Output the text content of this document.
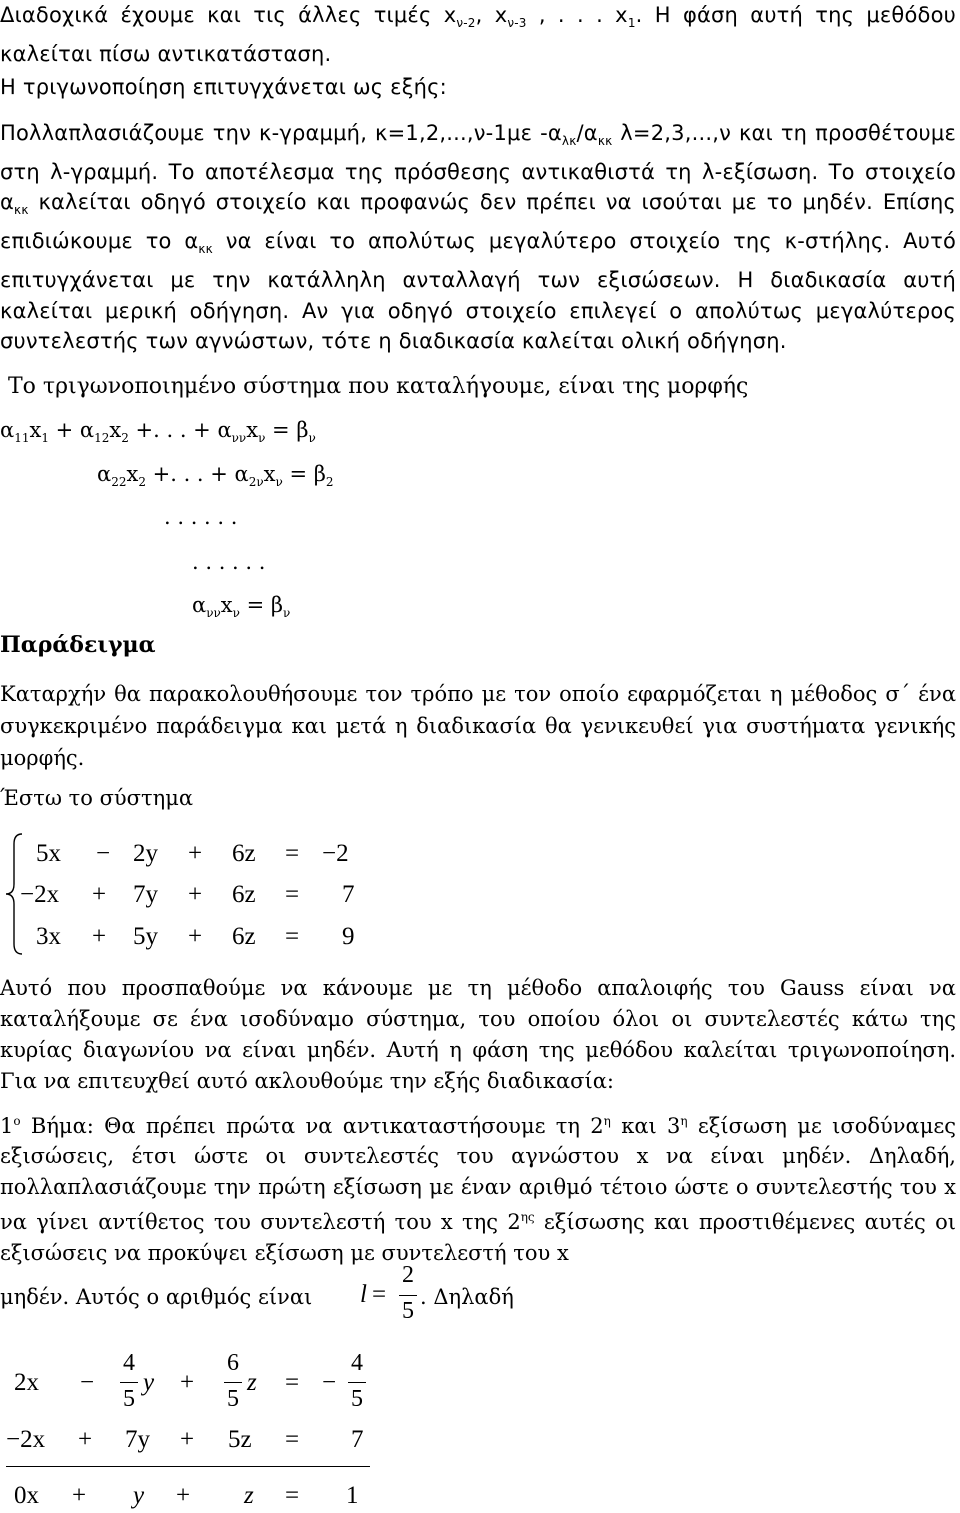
Διαδοχικά έχουμε και τις άλλες τιμές $x_{\nu-2}$, $x_{\nu-3}$ , . . . $x_1$. Η φάση αυτή της μεθόδου καλείται πίσω αντικατάσταση.

Η τριγωνοποίηση επιτυγχάνεται ως εξής:

Πολλαπλασιάζουμε την κ-γραμμή, κ=1,2,...,ν-1με $-\alpha_{\lambda\kappa}/\alpha_{\kappa\kappa}$ λ=2,3,...,ν και τη προσθέτουμε στη λ-γραμμή. Το αποτέλεσμα της πρόσθεσης αντικαθιστά τη λ-εξίσωση. Το στοιχείο $\alpha_{\kappa\kappa}$ καλείται οδηγό στοιχείο και προφανώς δεν πρέπει να ισούται με το μηδέν. Επίσης επιδιώκουμε το $\alpha_{\kappa\kappa}$ να είναι το απολύτως μεγαλύτερο στοιχείο της κ-στήλης. Αυτό επιτυγχάνεται με την κατάλληλη ανταλλαγή των εξισώσεων. Η διαδικασία αυτή καλείται μερική οδήγηση. Αν για οδηγό στοιχείο επιλεγεί ο απολύτως μεγαλύτερος συντελεστής των αγνώστων, τότε η διαδικασία καλείται ολική οδήγηση.

Το τριγωνοποιημένο σύστημα που καταλήγουμε, είναι της μορφής

$\alpha_{11}x_1 + \alpha_{12}x_2$ +. . . + $\alpha_{\nu\nu}x_\nu = \beta_\nu$
$\alpha_{22}x_2$ +. . . + $\alpha_{2\nu}x_\nu = \beta_2$
. . . . . .
. . . . . .
$\alpha_{\nu\nu}x_\nu = \beta_\nu$
Παράδειγμα

Καταρχήν θα παρακολουθήσουμε τον τρόπο με τον οποίο εφαρμόζεται η μέθοδος σ΄ ένα συγκεκριμένο παράδειγμα και μετά η διαδικασία θα γενικευθεί για συστήματα γενικής μορφής.

Έστω το σύστημα

5x − 2y + 6z = −2
−2x + 7y + 6z = 7
3x + 5y + 6z = 9

Αυτό που προσπαθούμε να κάνουμε με τη μέθοδο απαλοιφής του Gauss είναι να καταλήξουμε σε ένα ισοδύναμο σύστημα, του οποίου όλοι οι συντελεστές κάτω της κυρίας διαγωνίου να είναι μηδέν. Αυτή η φάση της μεθόδου καλείται τριγωνοποίηση. Για να επιτευχθεί αυτό ακλουθούμε την εξής διαδικασία:

$1^o$ Βήμα: Θα πρέπει πρώτα να αντικαταστήσουμε τη $2^\eta$ και $3^\eta$ εξίσωση με ισοδύναμες εξισώσεις, έτσι ώστε οι συντελεστές του αγνώστου x να είναι μηδέν. Δηλαδή, πολλαπλασιάζουμε την πρώτη εξίσωση με έναν αριθμό τέτοιο ώστε ο συντελεστής του x να γίνει αντίθετος του συντελεστή του x της $2^{\eta\varsigma}$ εξίσωσης και προστιθέμενες αυτές οι εξισώσεις να προκύψει εξίσωση με συντελεστή του x

μηδέν. Αυτός ο αριθμός είναι l =
2
5
. Δηλαδή
2x −
4
5
y +
6
5
z = −
4
5
−2x + 7y + 5z = 7
0x + y + z = 1
